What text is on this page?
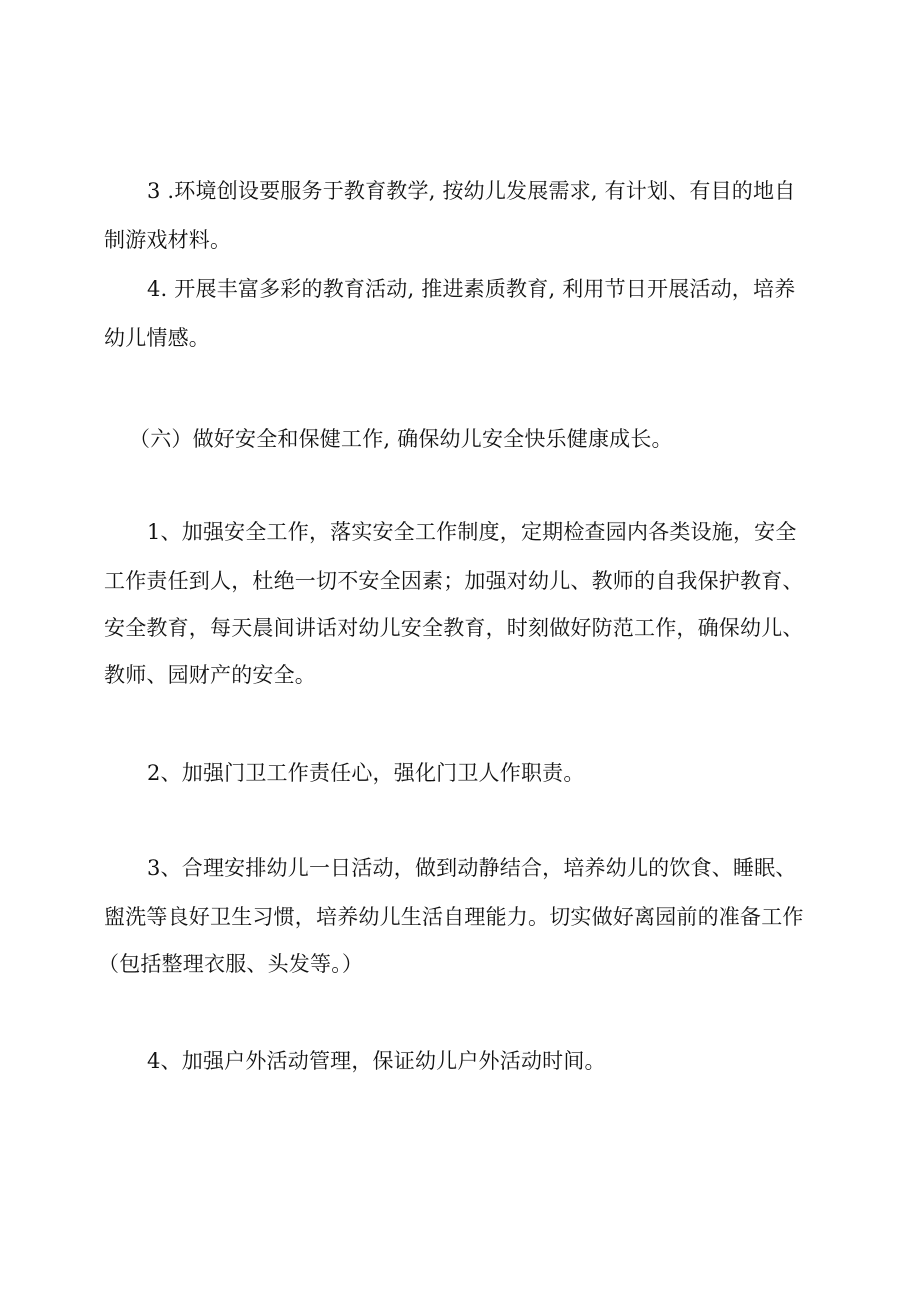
3 .环境创设要服务于教育教学, 按幼儿发展需求, 有计划、有目的地自
制游戏材料。
4. 开展丰富多彩的教育活动, 推进素质教育, 利用节日开展活动，培养
幼儿情感。
（六）做好安全和保健工作, 确保幼儿安全快乐健康成长。
1、加强安全工作，落实安全工作制度，定期检查园内各类设施，安全
工作责任到人，杜绝一切不安全因素；加强对幼儿、教师的自我保护教育、
安全教育，每天晨间讲话对幼儿安全教育，时刻做好防范工作，确保幼儿、
教师、园财产的安全。
2、加强门卫工作责任心，强化门卫人作职责。
3、合理安排幼儿一日活动，做到动静结合，培养幼儿的饮食、睡眠、
盥洗等良好卫生习惯，培养幼儿生活自理能力。切实做好离园前的准备工作
（包括整理衣服、头发等。）
4、加强户外活动管理，保证幼儿户外活动时间。
